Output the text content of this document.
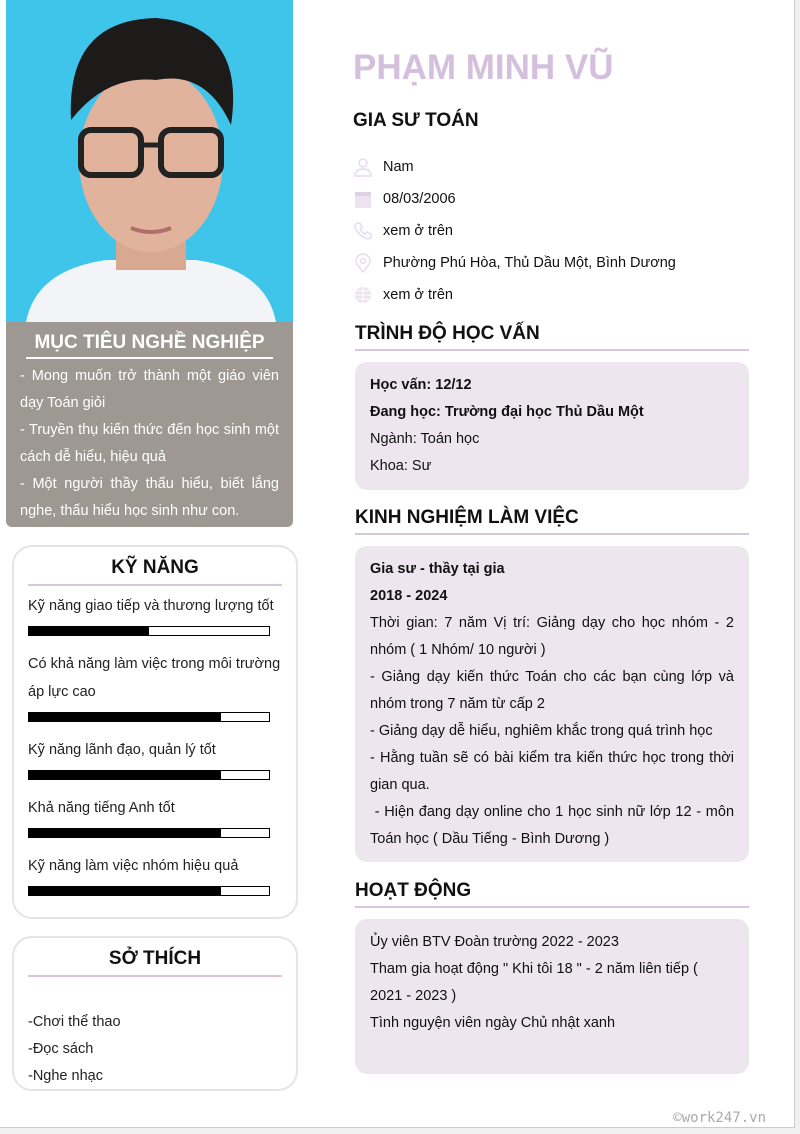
MỤC TIÊU NGHỀ NGHIỆP

- Mong muốn trở thành một giáo viên dạy Toán giỏi
- Truyền thụ kiến thức đến học sinh một cách dễ hiểu, hiệu quả
- Một người thầy thấu hiểu, biết lắng nghe, thấu hiểu học sinh như con.

KỸ NĂNG
Kỹ năng giao tiếp và thương lượng tốt
Có khả năng làm việc trong môi trường áp lực cao
Kỹ năng lãnh đạo, quản lý tốt
Khả năng tiếng Anh tốt
Kỹ năng làm việc nhóm hiệu quả
SỞ THÍCH
-Chơi thể thao
-Đọc sách
-Nghe nhạc
PHẠM MINH VŨ
GIA SƯ TOÁN
Nam
08/03/2006
xem ở trên
Phường Phú Hòa, Thủ Dầu Một, Bình Dương
xem ở trên
TRÌNH ĐỘ HỌC VẤN
Học vấn: 12/12
Đang học: Trường đại học Thủ Dầu Một
Ngành: Toán học
Khoa: Sư
KINH NGHIỆM LÀM VIỆC
Gia sư - thầy tại gia
2018 - 2024
Thời gian: 7 năm Vị trí: Giảng dạy cho học nhóm - 2 nhóm ( 1 Nhóm/ 10 người )
- Giảng dạy kiến thức Toán cho các bạn cùng lớp và nhóm trong 7 năm từ cấp 2
- Giảng dạy dễ hiểu, nghiêm khắc trong quá trình học
- Hằng tuần sẽ có bài kiểm tra kiến thức học trong thời gian qua.
- Hiện đang dạy online cho 1 học sinh nữ lớp 12 - môn Toán học ( Dầu Tiếng - Bình Dương )
HOẠT ĐỘNG
Ủy viên BTV Đoàn trường 2022 - 2023
Tham gia hoạt động " Khi tôi 18 " - 2 năm liên tiếp ( 2021 - 2023 )
Tình nguyện viên ngày Chủ nhật xanh
©work247.vn
